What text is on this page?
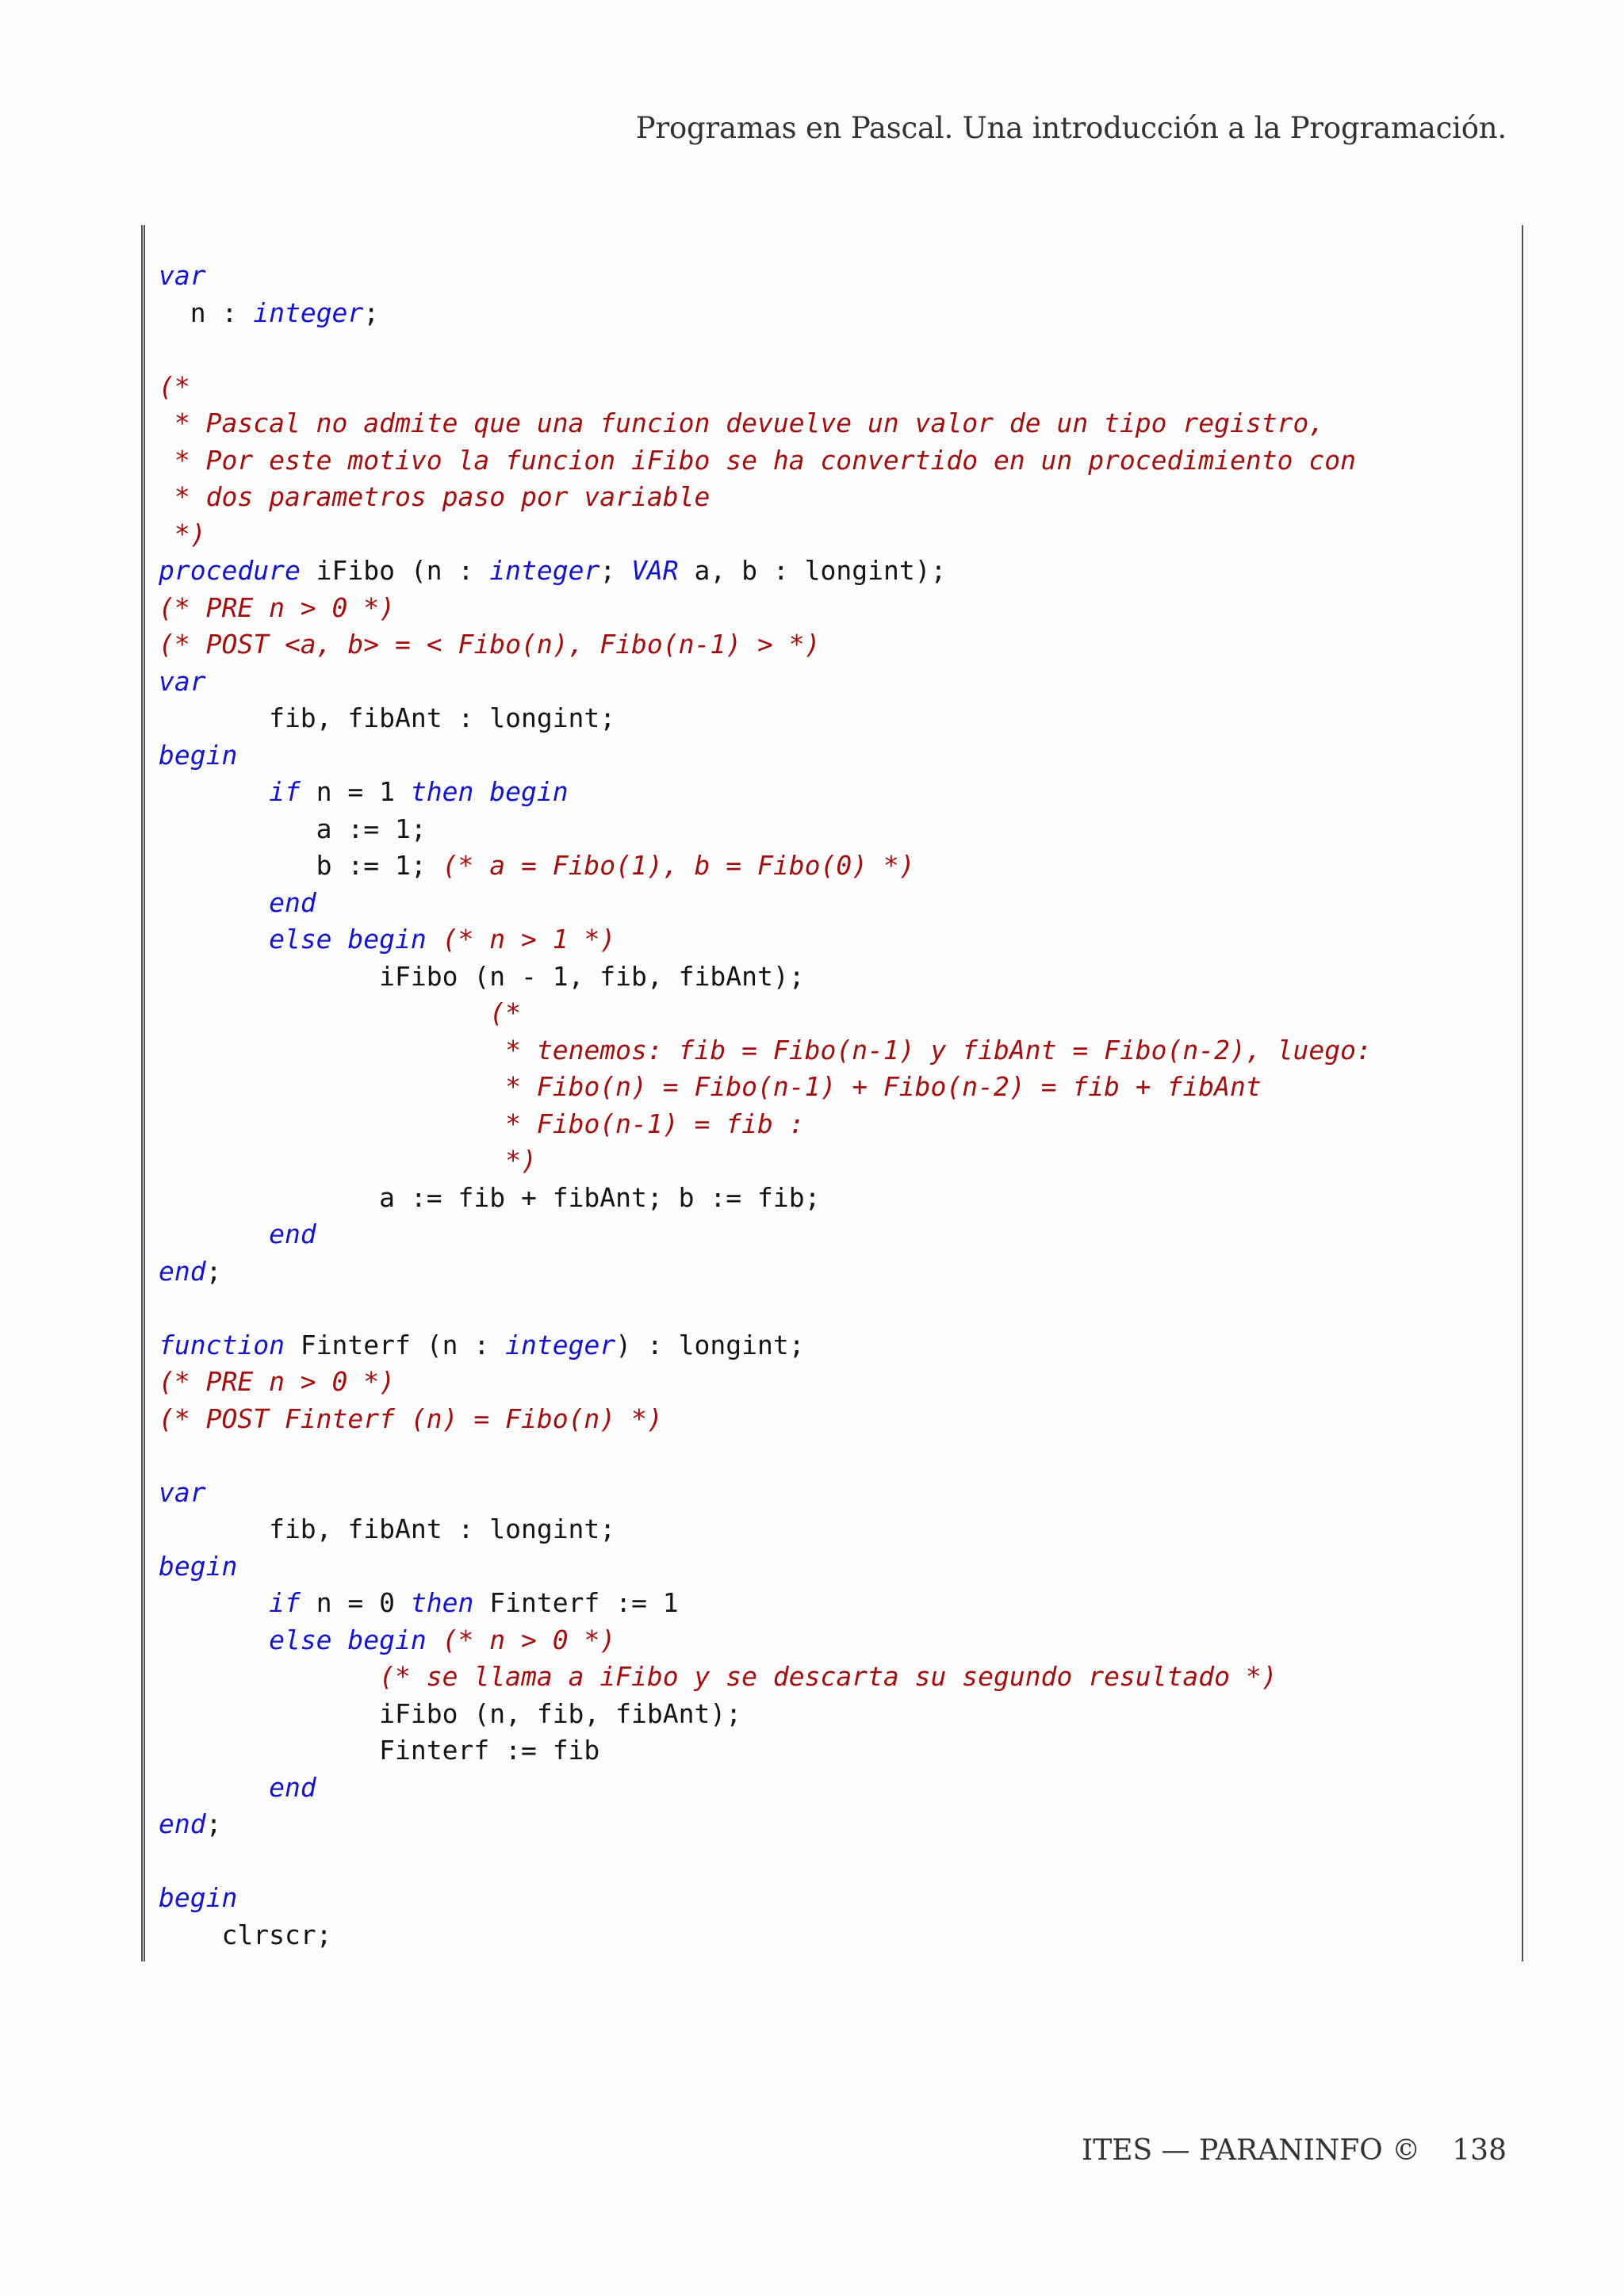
Programas en Pascal. Una introducción a la Programación.
var
n : integer;
(*
* Pascal no admite que una funcion devuelve un valor de un tipo registro,
* Por este motivo la funcion iFibo se ha convertido en un procedimiento con
* dos parametros paso por variable
*)
procedure iFibo (n : integer; VAR a, b : longint);
(* PRE n > 0 *)
(* POST <a, b> = < Fibo(n), Fibo(n-1) > *)
var
fib, fibAnt : longint;
begin
if n = 1 then begin
a := 1;
b := 1; (* a = Fibo(1), b = Fibo(0) *)
end
else begin (* n > 1 *)
iFibo (n - 1, fib, fibAnt);
(*
* tenemos: fib = Fibo(n-1) y fibAnt = Fibo(n-2), luego:
* Fibo(n) = Fibo(n-1) + Fibo(n-2) = fib + fibAnt
* Fibo(n-1) = fib :
*)
a := fib + fibAnt; b := fib;
end
end;
function Finterf (n : integer) : longint;
(* PRE n > 0 *)
(* POST Finterf (n) = Fibo(n) *)
var
fib, fibAnt : longint;
begin
if n = 0 then Finterf := 1
else begin (* n > 0 *)
(* se llama a iFibo y se descarta su segundo resultado *)
iFibo (n, fib, fibAnt);
Finterf := fib
end
end;
begin
clrscr;
ITES — PARANINFO © 138
